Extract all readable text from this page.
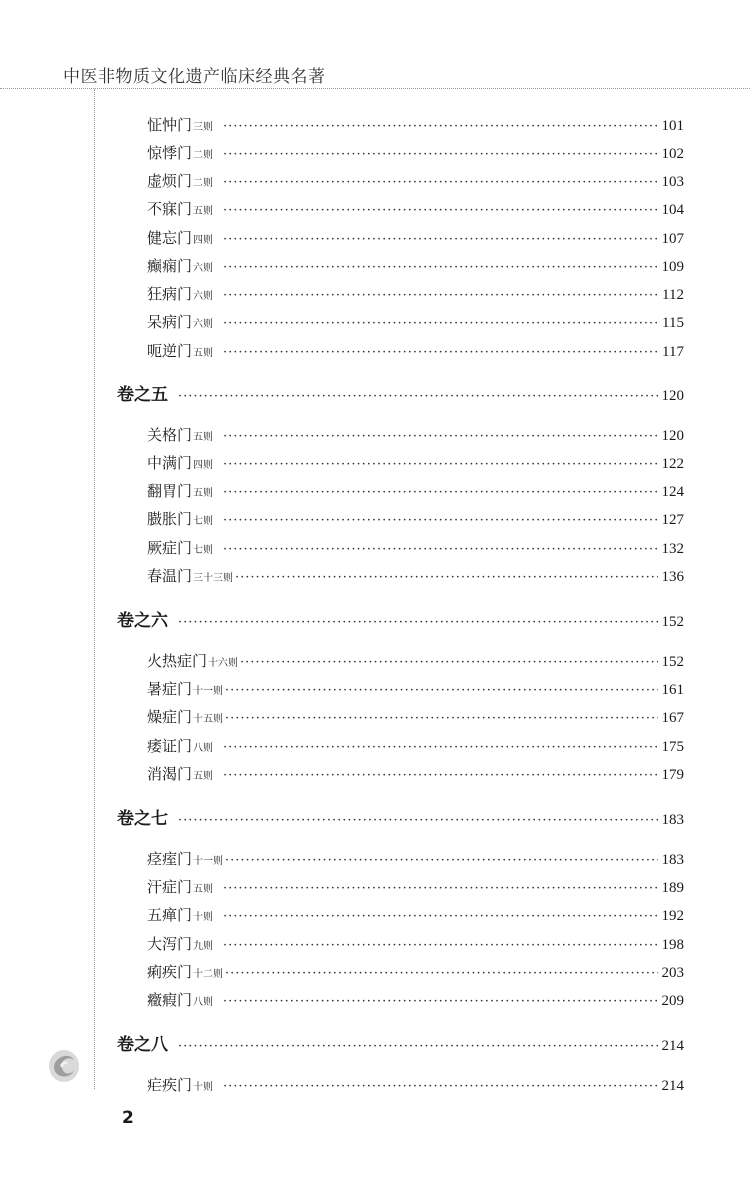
中医非物质文化遗产临床经典名著
怔忡门 三则 ·····	101
惊悸门 二则 ·····	102
虚烦门 二则 ·····	103
不寐门 五则 ·····	104
健忘门 四则 ·····	107
癫痫门 六则 ·····	109
狂病门 六则 ·····	112
呆病门 六则 ·····	115
呃逆门 五则 ·····	117
卷之五 ·····	120
关格门 五则 ·····	120
中满门 四则 ·····	122
翻胃门 五则 ·····	124
臌胀门 七则 ·····	127
厥症门 七则 ·····	132
春温门 三十三则 ·····	136
卷之六 ·····	152
火热症门 十六则 ·····	152
暑症门 十一则 ·····	161
燥症门 十五则 ·····	167
痿证门 八则 ·····	175
消渴门 五则 ·····	179
卷之七 ·····	183
痉痓门 十一则 ·····	183
汗症门 五则 ·····	189
五瘅门 十则 ·····	192
大泻门 九则 ·····	198
痢疾门 十二则 ·····	203
癥瘕门 八则 ·····	209
卷之八 ·····	214
疟疾门 十则 ·····	214
2
